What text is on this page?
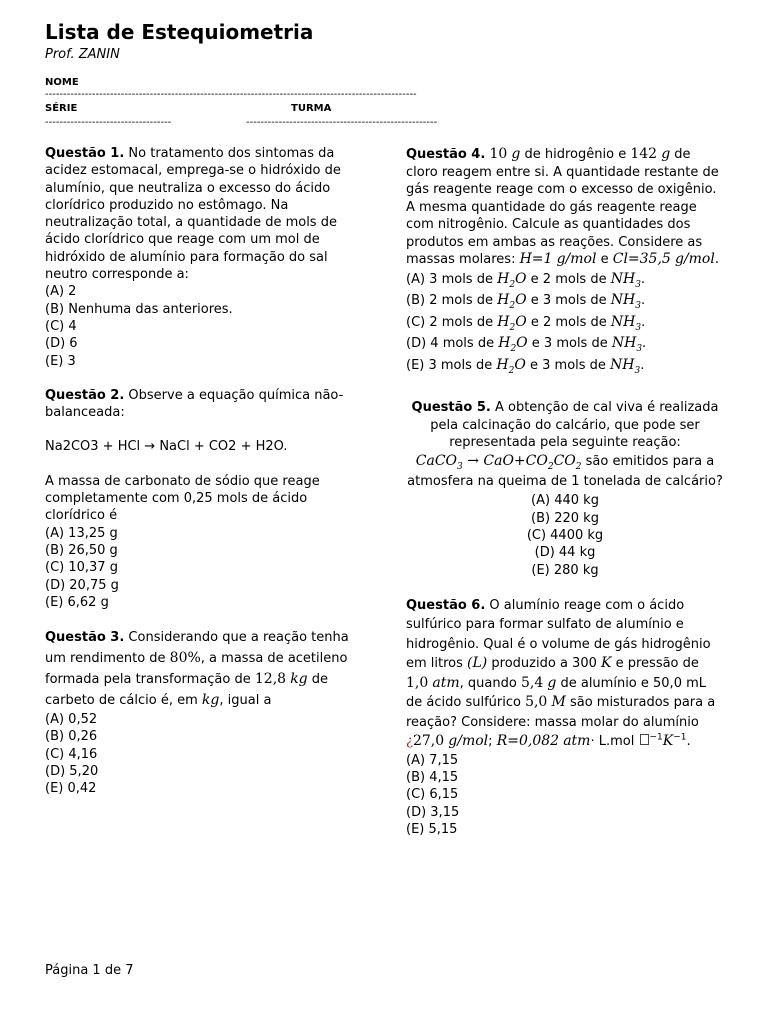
Lista de Estequiometria
Prof. ZANIN
NOME
-------------------------------------------------------------------------------------------------------
SÉRIE	TURMA
-----------------------------------	-----------------------------------------------------

Questão 1. No tratamento dos sintomas da acidez estomacal, emprega-se o hidróxido de alumínio, que neutraliza o excesso do ácido clorídrico produzido no estômago. Na neutralização total, a quantidade de mols de ácido clorídrico que reage com um mol de hidróxido de alumínio para formação do sal neutro corresponde a:

(A) 2

(B) Nenhuma das anteriores.

(C) 4

(D) 6

(E) 3

Questão 2. Observe a equação química não-balanceada:

Na2CO3 + HCl → NaCl + CO2 + H2O.

A massa de carbonato de sódio que reage completamente com 0,25 mols de ácido clorídrico é

(A) 13,25 g

(B) 26,50 g

(C) 10,37 g

(D) 20,75 g

(E) 6,62 g

Questão 3. Considerando que a reação tenha um rendimento de 80%, a massa de acetileno formada pela transformação de 12,8 kg de carbeto de cálcio é, em kg, igual a

(A) 0,52

(B) 0,26

(C) 4,16

(D) 5,20

(E) 0,42

Questão 4. 10 g de hidrogênio e 142 g de cloro reagem entre si. A quantidade restante de gás reagente reage com o excesso de oxigênio. A mesma quantidade do gás reagente reage com nitrogênio. Calcule as quantidades dos produtos em ambas as reações. Considere as massas molares: H=1 g/mol e Cl=35,5 g/mol.

(A) 3 mols de $H_2O$ e 2 mols de $NH_3$.

(B) 2 mols de $H_2O$ e 3 mols de $NH_3$.

(C) 2 mols de $H_2O$ e 2 mols de $NH_3$.

(D) 4 mols de $H_2O$ e 3 mols de $NH_3$.

(E) 3 mols de $H_2O$ e 3 mols de $NH_3$.

Questão 5. A obtenção de cal viva é realizada pela calcinação do calcário, que pode ser representada pela seguinte reação:

CaCO$_3$ → $CaO+CO_2CO_2$ são emitidos para a atmosfera na queima de 1 tonelada de calcário?

(A) 440 kg

(B) 220 kg

(C) 4400 kg

(D) 44 kg

(E) 280 kg

Questão 6. O alumínio reage com o ácido sulfúrico para formar sulfato de alumínio e hidrogênio. Qual é o volume de gás hidrogênio em litros (L) produzido a 300 K e pressão de 1,0 atm, quando 5,4 g de alumínio e 50,0 mL de ácido sulfúrico 5,0 M são misturados para a reação? Considere: massa molar do alumínio ¿27,0 g/mol; R=0,082 atm· L.mol $^{-1}K^{-1}$.

(A) 7,15

(B) 4,15

(C) 6,15

(D) 3,15

(E) 5,15

Página 1 de 7
